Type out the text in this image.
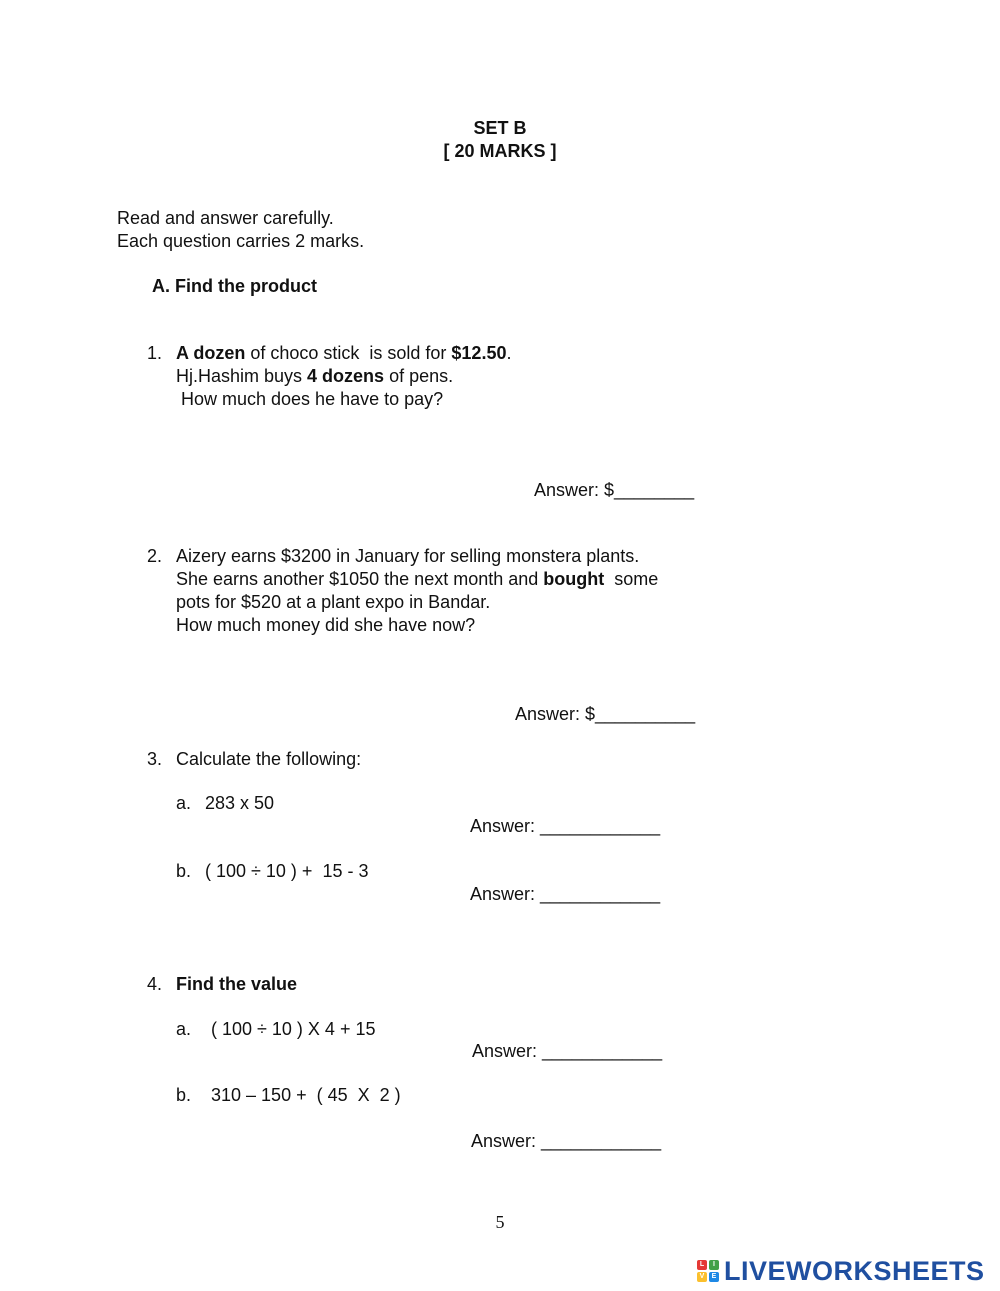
SET B
[ 20 MARKS ]
Read and answer carefully.
Each question carries 2 marks.
A. Find the product
1. A dozen of choco stick  is sold for $12.50.
Hj.Hashim buys 4 dozens of pens.
How much does he have to pay?
Answer: $________
2. Aizery earns $3200 in January for selling monstera plants.
She earns another $1050 the next month and bought  some
pots for $520 at a plant expo in Bandar.
How much money did she have now?
Answer: $__________
3. Calculate the following:
a. 283 x 50
Answer: ____________
b. ( 100 ÷ 10 ) +  15 - 3
Answer: ____________
4. Find the value
a. ( 100 ÷ 10 ) X 4 + 15
Answer: ____________
b. 310 – 150 +  ( 45  X  2 )
Answer: ____________
5
L	I
V	E LIVEWORKSHEETS
